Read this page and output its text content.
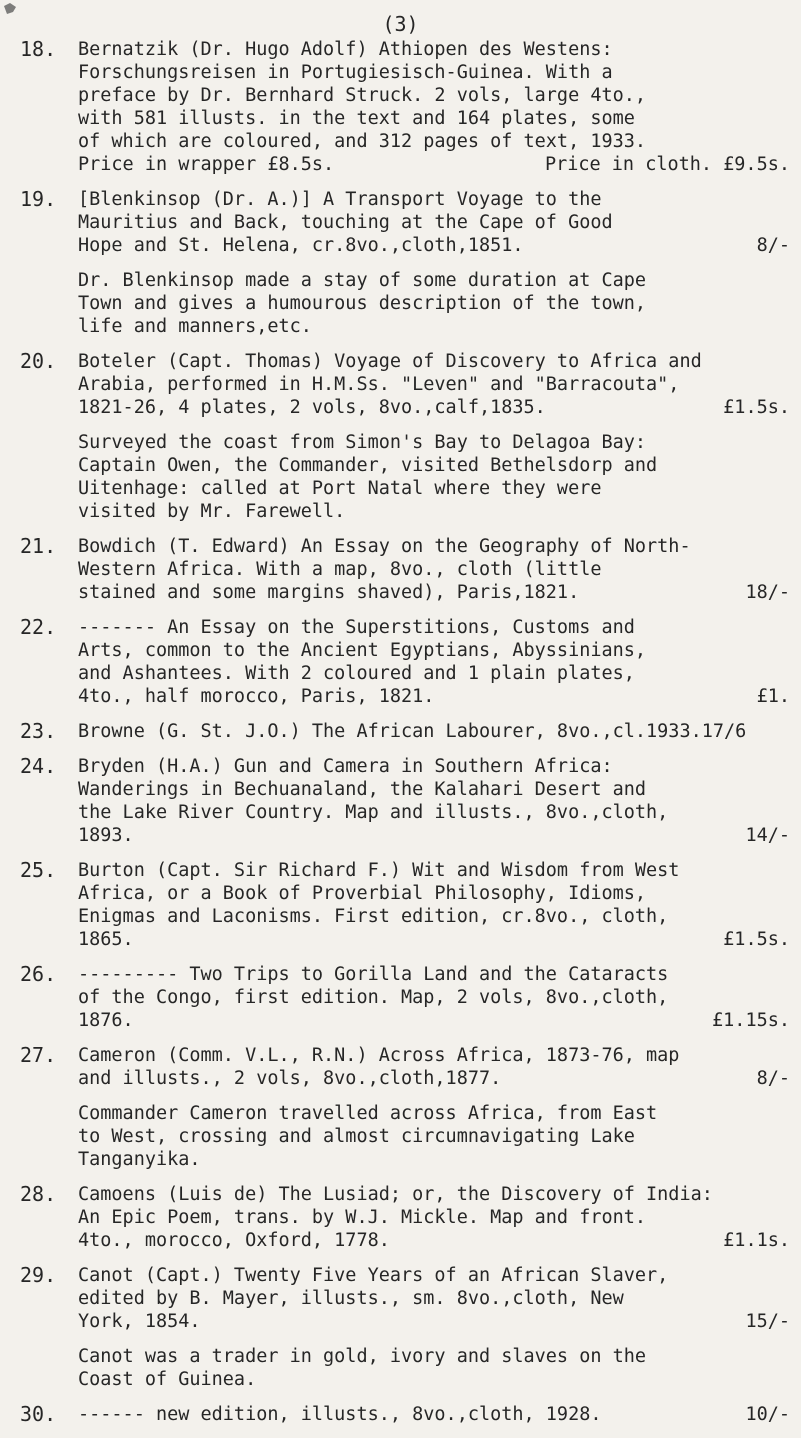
(3)
18. Bernatzik (Dr. Hugo Adolf) Athiopen des Westens:
Forschungsreisen in Portugiesisch-Guinea. With a
preface by Dr. Bernhard Struck. 2 vols, large 4to.,
with 581 illusts. in the text and 164 plates, some
of which are coloured, and 312 pages of text, 1933.
Price in wrapper £8.5s.	Price in cloth. £9.5s.
19. [Blenkinsop (Dr. A.)] A Transport Voyage to the
Mauritius and Back, touching at the Cape of Good
Hope and St. Helena, cr.8vo.,cloth,1851.	8/-
Dr. Blenkinsop made a stay of some duration at Cape
Town and gives a humourous description of the town,
life and manners,etc.
20. Boteler (Capt. Thomas) Voyage of Discovery to Africa and
Arabia, performed in H.M.Ss. "Leven" and "Barracouta",
1821-26, 4 plates, 2 vols, 8vo.,calf,1835.	£1.5s.
Surveyed the coast from Simon's Bay to Delagoa Bay:
Captain Owen, the Commander, visited Bethelsdorp and
Uitenhage: called at Port Natal where they were
visited by Mr. Farewell.
21. Bowdich (T. Edward) An Essay on the Geography of North-
Western Africa. With a map, 8vo., cloth (little
stained and some margins shaved), Paris,1821.	18/-
22. ------- An Essay on the Superstitions, Customs and
Arts, common to the Ancient Egyptians, Abyssinians,
and Ashantees. With 2 coloured and 1 plain plates,
4to., half morocco, Paris, 1821.	£1.
23. Browne (G. St. J.O.) The African Labourer, 8vo.,cl.1933.17/6
24. Bryden (H.A.) Gun and Camera in Southern Africa:
Wanderings in Bechuanaland, the Kalahari Desert and
the Lake River Country. Map and illusts., 8vo.,cloth,
1893.	14/-
25. Burton (Capt. Sir Richard F.) Wit and Wisdom from West
Africa, or a Book of Proverbial Philosophy, Idioms,
Enigmas and Laconisms. First edition, cr.8vo., cloth,
1865.	£1.5s.
26. --------- Two Trips to Gorilla Land and the Cataracts
of the Congo, first edition. Map, 2 vols, 8vo.,cloth,
1876.	£1.15s.
27. Cameron (Comm. V.L., R.N.) Across Africa, 1873-76, map
and illusts., 2 vols, 8vo.,cloth,1877.	8/-
Commander Cameron travelled across Africa, from East
to West, crossing and almost circumnavigating Lake
Tanganyika.
28. Camoens (Luis de) The Lusiad; or, the Discovery of India:
An Epic Poem, trans. by W.J. Mickle. Map and front.
4to., morocco, Oxford, 1778.	£1.1s.
29. Canot (Capt.) Twenty Five Years of an African Slaver,
edited by B. Mayer, illusts., sm. 8vo.,cloth, New
York, 1854.	15/-
Canot was a trader in gold, ivory and slaves on the
Coast of Guinea.
30. ------ new edition, illusts., 8vo.,cloth, 1928.	10/-
